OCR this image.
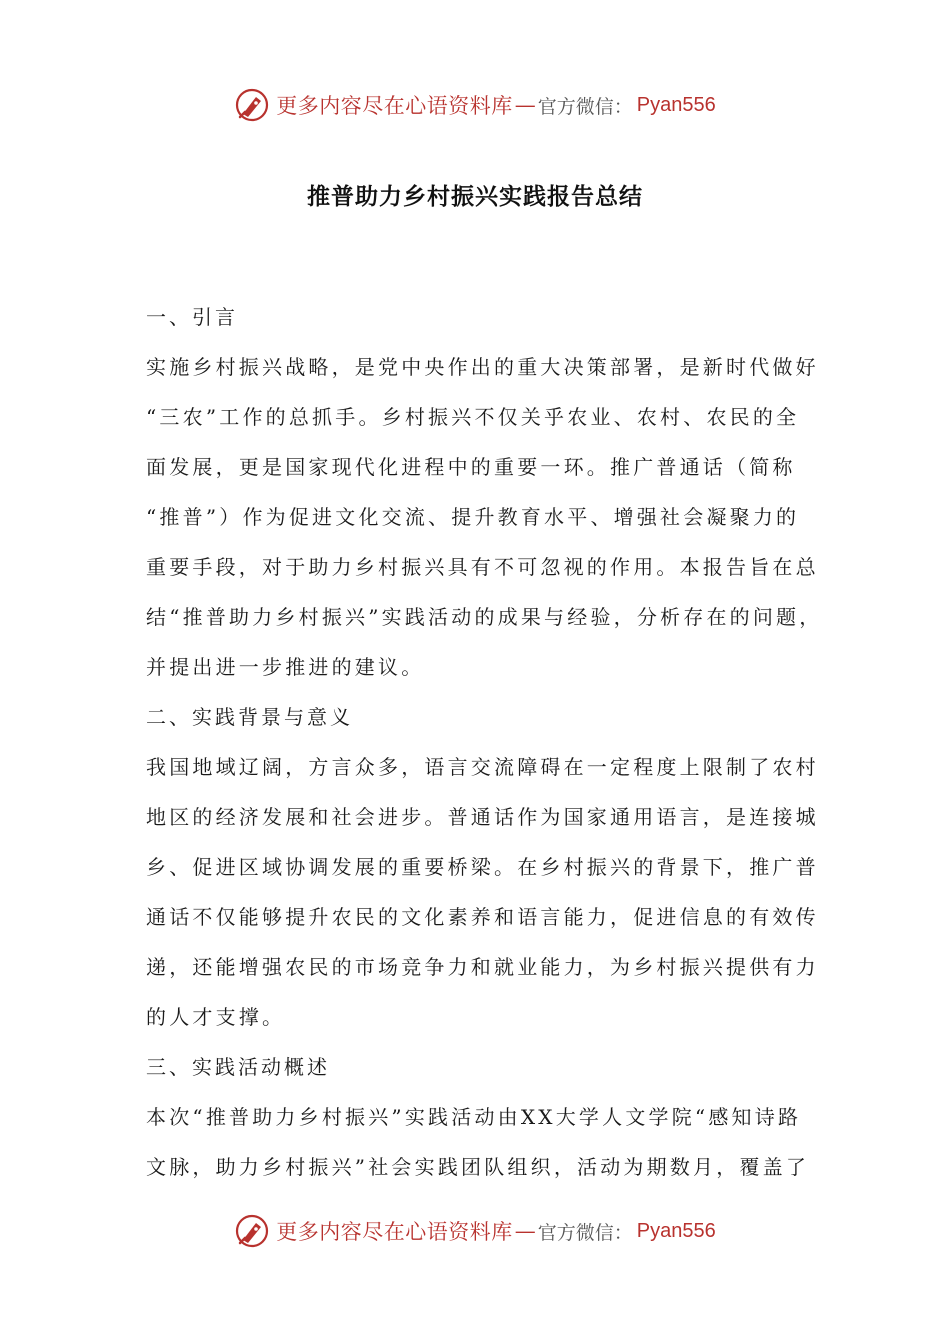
更多内容尽在心语资料库 — 官方微信： Pyan556
推普助力乡村振兴实践报告总结
一、引言
实施乡村振兴战略，是党中央作出的重大决策部署，是新时代做好
“三农”工作的总抓手。乡村振兴不仅关乎农业、农村、农民的全
面发展，更是国家现代化进程中的重要一环。推广普通话（简称
“推普”）作为促进文化交流、提升教育水平、增强社会凝聚力的
重要手段，对于助力乡村振兴具有不可忽视的作用。本报告旨在总
结“推普助力乡村振兴”实践活动的成果与经验，分析存在的问题，
并提出进一步推进的建议。
二、实践背景与意义
我国地域辽阔，方言众多，语言交流障碍在一定程度上限制了农村
地区的经济发展和社会进步。普通话作为国家通用语言，是连接城
乡、促进区域协调发展的重要桥梁。在乡村振兴的背景下，推广普
通话不仅能够提升农民的文化素养和语言能力，促进信息的有效传
递，还能增强农民的市场竞争力和就业能力，为乡村振兴提供有力
的人才支撑。
三、实践活动概述
本次“推普助力乡村振兴”实践活动由XX大学人文学院“感知诗路
文脉，助力乡村振兴”社会实践团队组织，活动为期数月，覆盖了
更多内容尽在心语资料库 — 官方微信： Pyan556
